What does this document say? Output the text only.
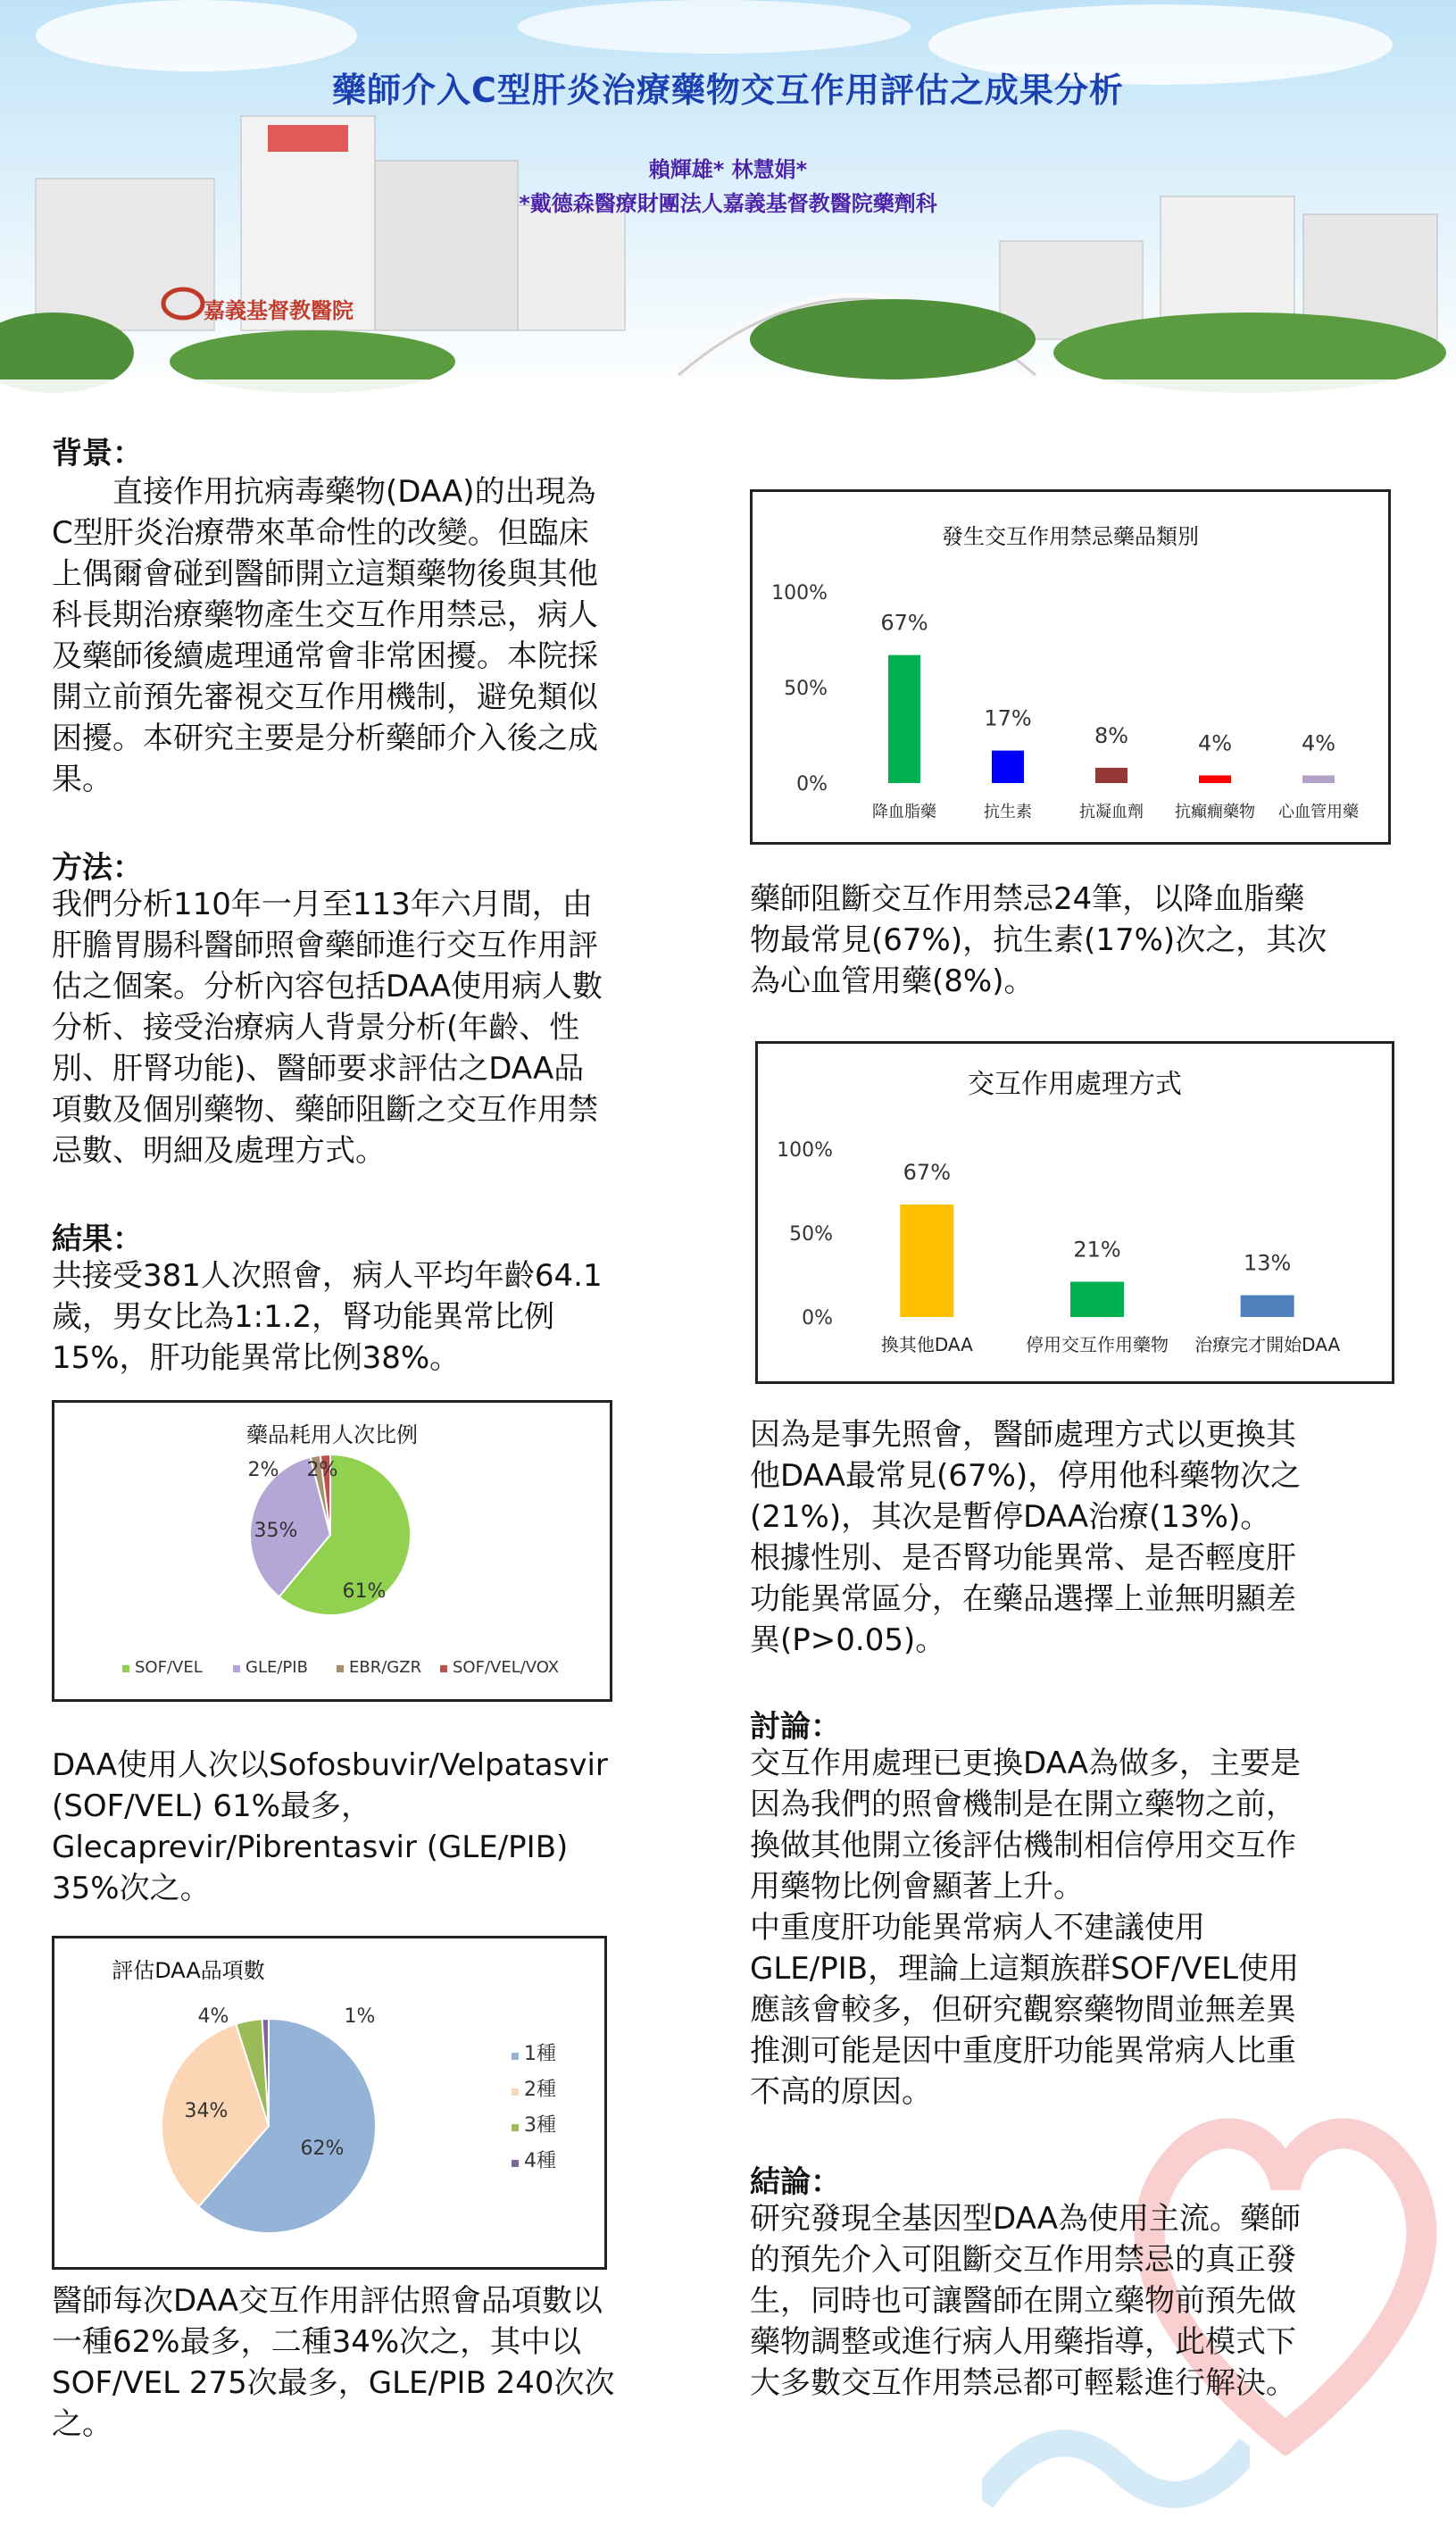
藥師介入C型肝炎治療藥物交互作用評估之成果分析
賴輝雄* 林慧娟*
*戴德森醫療財團法人嘉義基督教醫院藥劑科
嘉義基督教醫院
背景：
　　直接作用抗病毒藥物(DAA)的出現為
C型肝炎治療帶來革命性的改變。但臨床
上偶爾會碰到醫師開立這類藥物後與其他
科長期治療藥物產生交互作用禁忌，病人
及藥師後續處理通常會非常困擾。本院採
開立前預先審視交互作用機制，避免類似
困擾。本研究主要是分析藥師介入後之成
果。
方法：
我們分析110年一月至113年六月間，由
肝膽胃腸科醫師照會藥師進行交互作用評
估之個案。分析內容包括DAA使用病人數
分析、接受治療病人背景分析(年齡、性
別、肝腎功能)、醫師要求評估之DAA品
項數及個別藥物、藥師阻斷之交互作用禁
忌數、明細及處理方式。
結果：
共接受381人次照會，病人平均年齡64.1
歲，男女比為1:1.2，腎功能異常比例
15%，肝功能異常比例38%。
藥品耗用人次比例
61%
35%
2% 2%
SOF/VEL	GLE/PIB	EBR/GZR SOF/VEL/VOX
DAA使用人次以Sofosbuvir/Velpatasvir
(SOF/VEL) 61%最多，
Glecaprevir/Pibrentasvir (GLE/PIB)
35%次之。
評估DAA品項數
62%
34%
4%	1%
1種
2種
3種
4種
醫師每次DAA交互作用評估照會品項數以
一種62%最多，二種34%次之，其中以
SOF/VEL 275次最多，GLE/PIB 240次次
之。
發生交互作用禁忌藥品類別
0%
50%
100%
67%
降血脂藥
17%
抗生素
8%
抗凝血劑
4%
抗癲癇藥物
4%
心血管用藥
藥師阻斷交互作用禁忌24筆，以降血脂藥
物最常見(67%)，抗生素(17%)次之，其次
為心血管用藥(8%)。
交互作用處理方式
0%
50%
100%
67%
換其他DAA
21%
停用交互作用藥物
13%
治療完才開始DAA
因為是事先照會，醫師處理方式以更換其
他DAA最常見(67%)，停用他科藥物次之
(21%)，其次是暫停DAA治療(13%)。
根據性別、是否腎功能異常、是否輕度肝
功能異常區分，在藥品選擇上並無明顯差
異(P>0.05)。
討論：
交互作用處理已更換DAA為做多，主要是
因為我們的照會機制是在開立藥物之前，
換做其他開立後評估機制相信停用交互作
用藥物比例會顯著上升。
中重度肝功能異常病人不建議使用
GLE/PIB，理論上這類族群SOF/VEL使用
應該會較多，但研究觀察藥物間並無差異
推測可能是因中重度肝功能異常病人比重
不高的原因。
結論：
研究發現全基因型DAA為使用主流。藥師
的預先介入可阻斷交互作用禁忌的真正發
生，同時也可讓醫師在開立藥物前預先做
藥物調整或進行病人用藥指導，此模式下
大多數交互作用禁忌都可輕鬆進行解決。
